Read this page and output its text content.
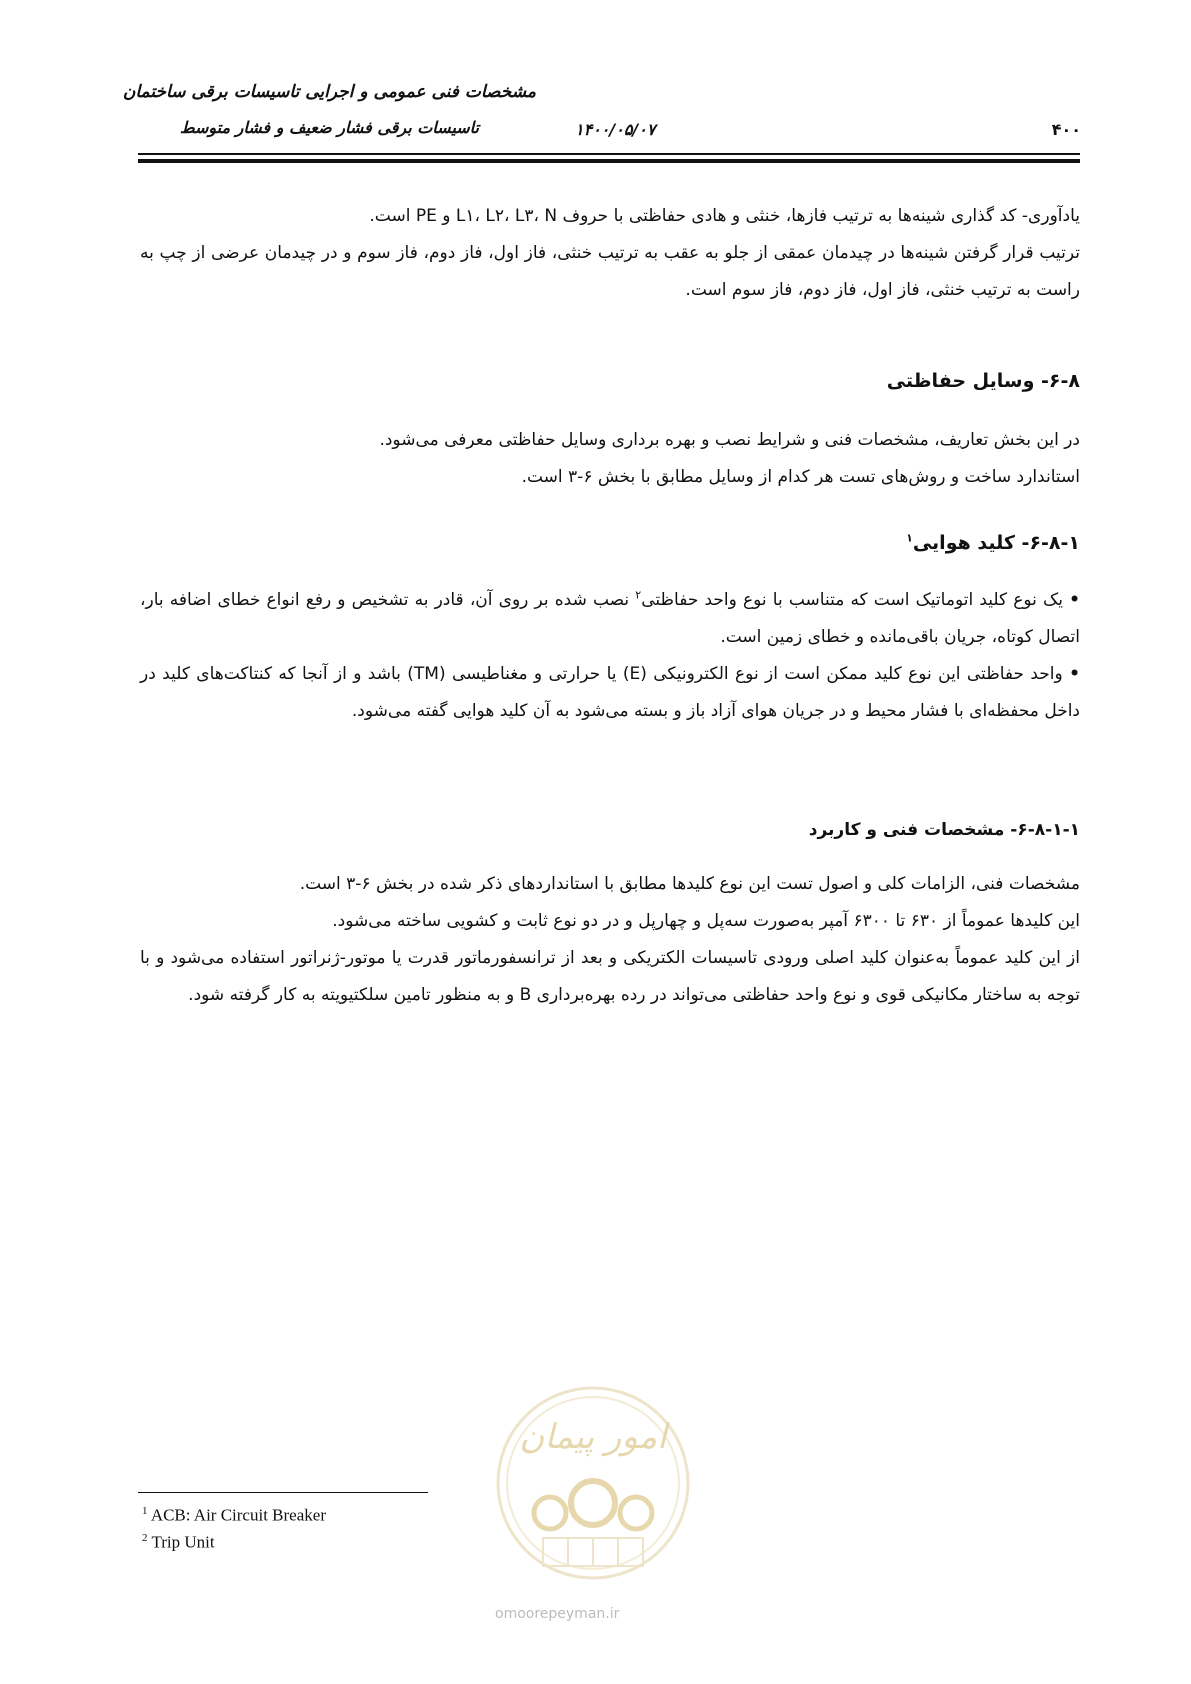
مشخصات فنی عمومی و اجرایی تاسیسات برقی ساختمان
تاسیسات برقی فشار ضعیف و فشار متوسط	۱۴۰۰/۰۵/۰۷	۴۰۰

یادآوری- کد گذاری شینه‌ها به ترتیب فازها، خنثی و هادی حفاظتی با حروف L۱، L۲، L۳، N و PE است.

ترتیب قرار گرفتن شینه‌ها در چیدمان عمقی از جلو به عقب به ترتیب خنثی، فاز اول، فاز دوم، فاز سوم و در چیدمان عرضی از چپ به راست به ترتیب خنثی، فاز اول، فاز دوم، فاز سوم است.

۶-۸- وسایل حفاظتی

در این بخش تعاریف، مشخصات فنی و شرایط نصب و بهره برداری وسایل حفاظتی معرفی می‌شود.

استاندارد ساخت و روش‌های تست هر کدام از وسایل مطابق با بخش ۶-۳ است.

۶-۸-۱- کلید هوایی$^۱$

• یک نوع کلید اتوماتیک است که متناسب با نوع واحد حفاظتی$^۲$ نصب شده بر روی آن، قادر به تشخیص و رفع انواع خطای اضافه بار، اتصال کوتاه، جریان باقی‌مانده و خطای زمین است.

• واحد حفاظتی این نوع کلید ممکن است از نوع الکترونیکی (E) یا حرارتی و مغناطیسی (TM) باشد و از آنجا که کنتاکت‌های کلید در داخل محفظه‌ای با فشار محیط و در جریان هوای آزاد باز و بسته می‌شود به آن کلید هوایی گفته می‌شود.

۶-۸-۱-۱- مشخصات فنی و کاربرد

مشخصات فنی، الزامات کلی و اصول تست این نوع کلیدها مطابق با استانداردهای ذکر شده در بخش ۶-۳ است.

این کلیدها عموماً از ۶۳۰ تا ۶۳۰۰ آمپر به‌صورت سه‌پل و چهارپل و در دو نوع ثابت و کشویی ساخته می‌شود.

از این کلید عموماً به‌عنوان کلید اصلی ورودی تاسیسات الکتریکی و بعد از ترانسفورماتور قدرت یا موتور-ژنراتور استفاده می‌شود و با توجه به ساختار مکانیکی قوی و نوع واحد حفاظتی می‌تواند در رده بهره‌برداری B و به منظور تامین سلکتیویته به کار گرفته شود.

امور پیمان
omoorepeyman.ir
$^1$ ACB: Air Circuit Breaker
$^2$ Trip Unit
